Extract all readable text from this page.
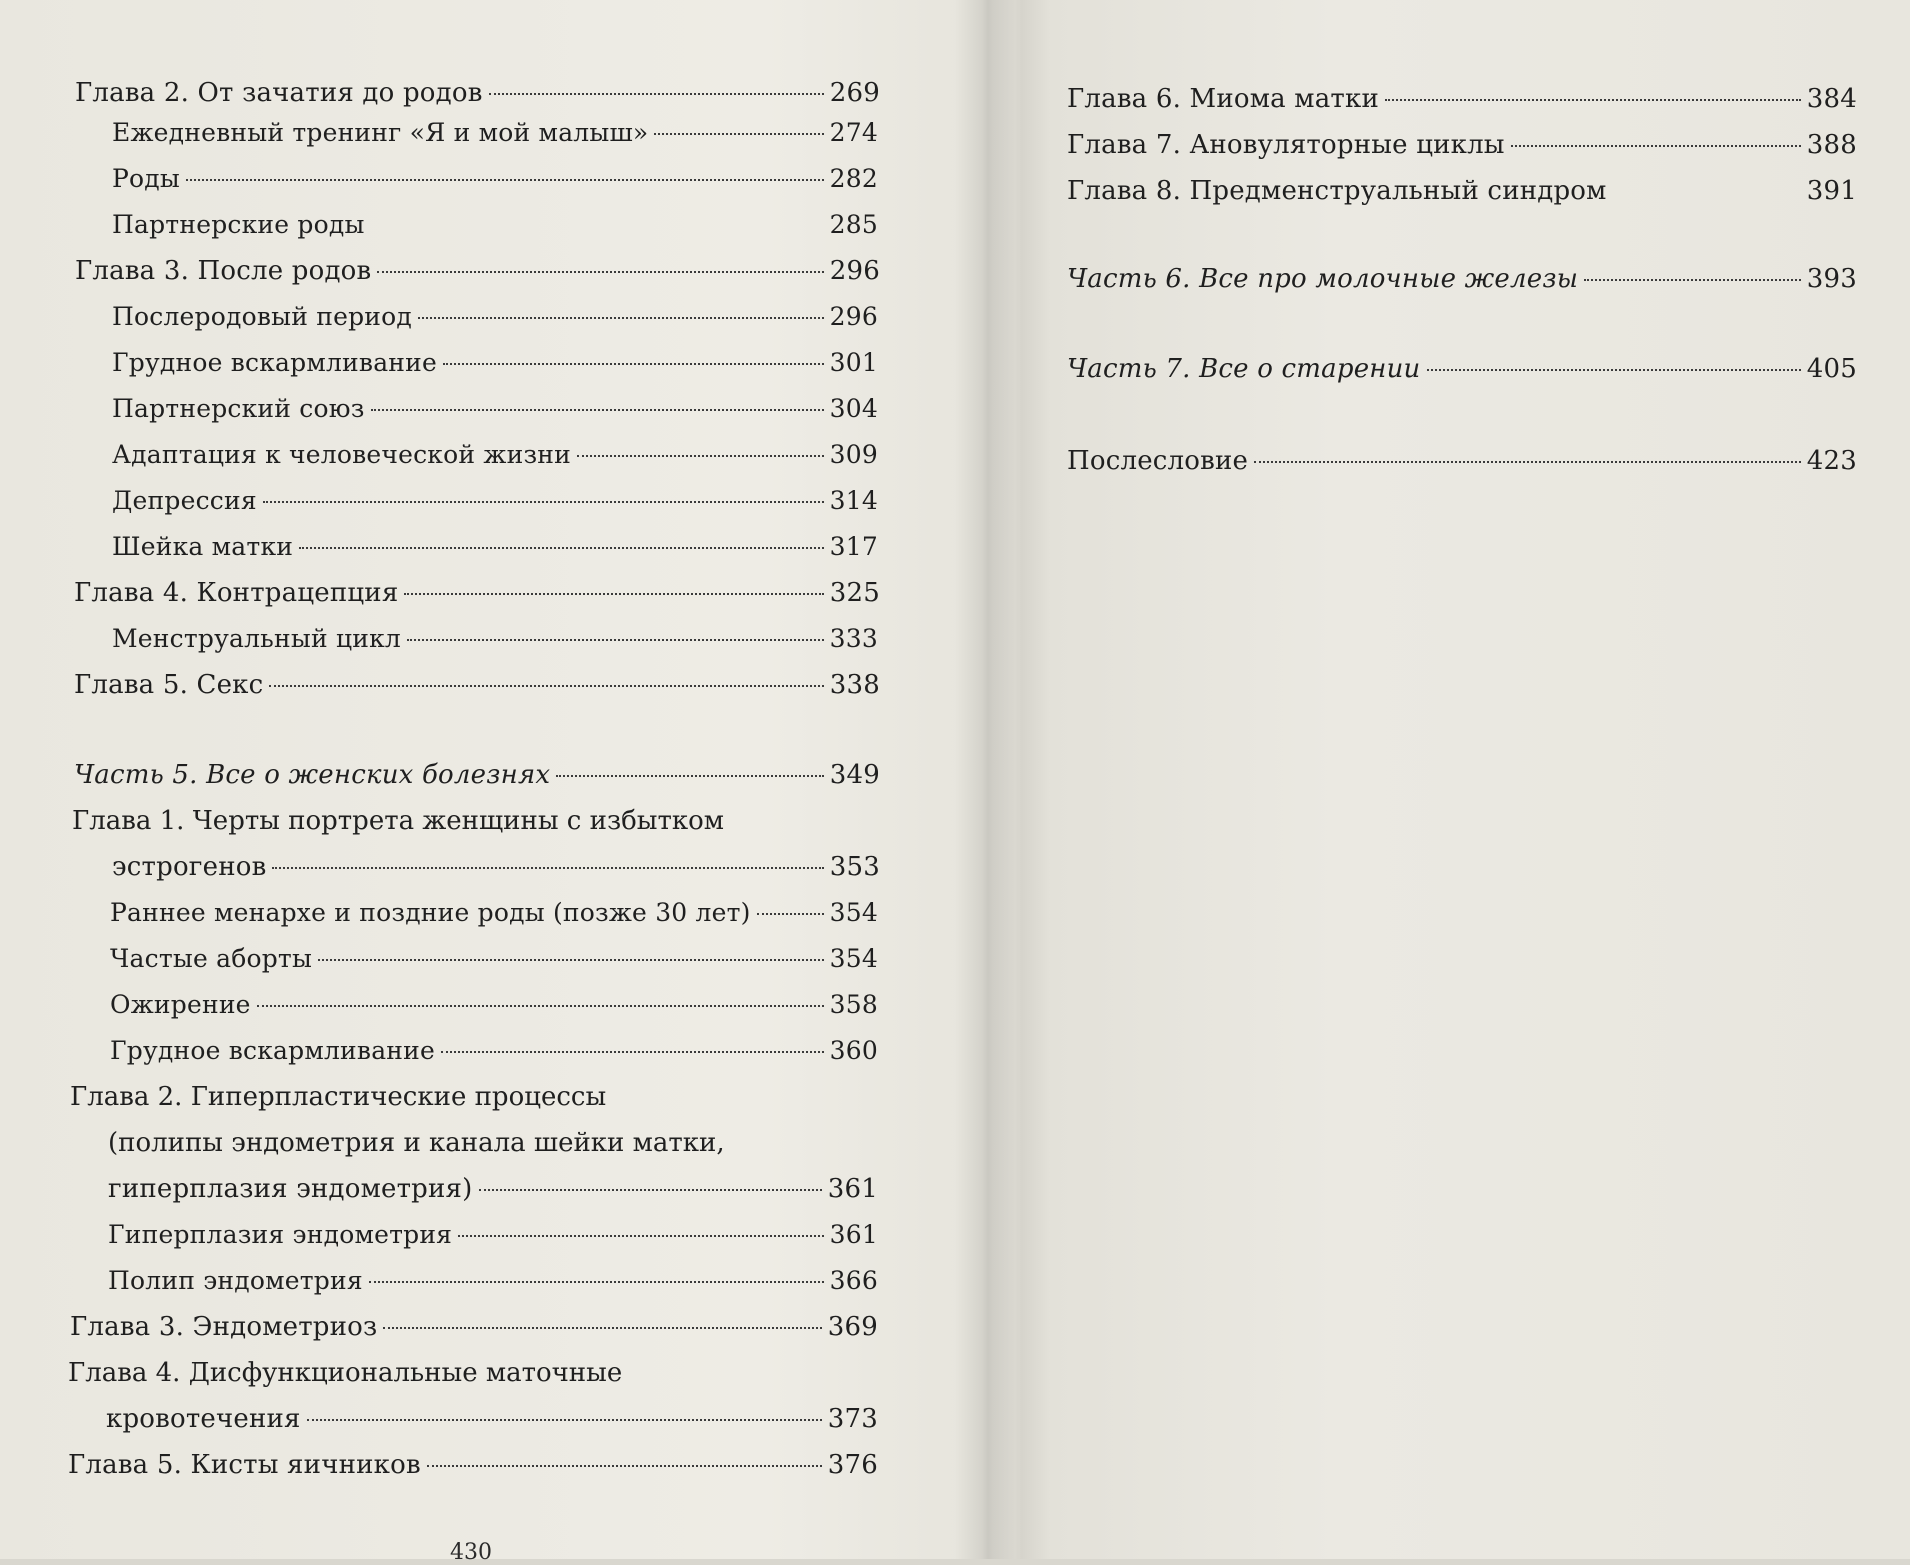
Глава 2. От зачатия до родов	269
Ежедневный тренинг «Я и мой малыш»	274
Роды	282
Партнерские роды	285
Глава 3. После родов	296
Послеродовый период	296
Грудное вскармливание	301
Партнерский союз	304
Адаптация к человеческой жизни	309
Депрессия	314
Шейка матки	317
Глава 4. Контрацепция	325
Менструальный цикл	333
Глава 5. Секс	338
Часть 5. Все о женских болезнях	349
Глава 1. Черты портрета женщины с избытком
эстрогенов	353
Раннее менархе и поздние роды (позже 30 лет)	354
Частые аборты	354
Ожирение	358
Грудное вскармливание	360
Глава 2. Гиперпластические процессы
(полипы эндометрия и канала шейки матки,
гиперплазия эндометрия)	361
Гиперплазия эндометрия	361
Полип эндометрия	366
Глава 3. Эндометриоз	369
Глава 4. Дисфункциональные маточные
кровотечения	373
Глава 5. Кисты яичников	376
430
Глава 6. Миома матки	384
Глава 7. Ановуляторные циклы	388
Глава 8. Предменструальный синдром	391
Часть 6. Все про молочные железы	393
Часть 7. Все о старении	405
Послесловие	423
